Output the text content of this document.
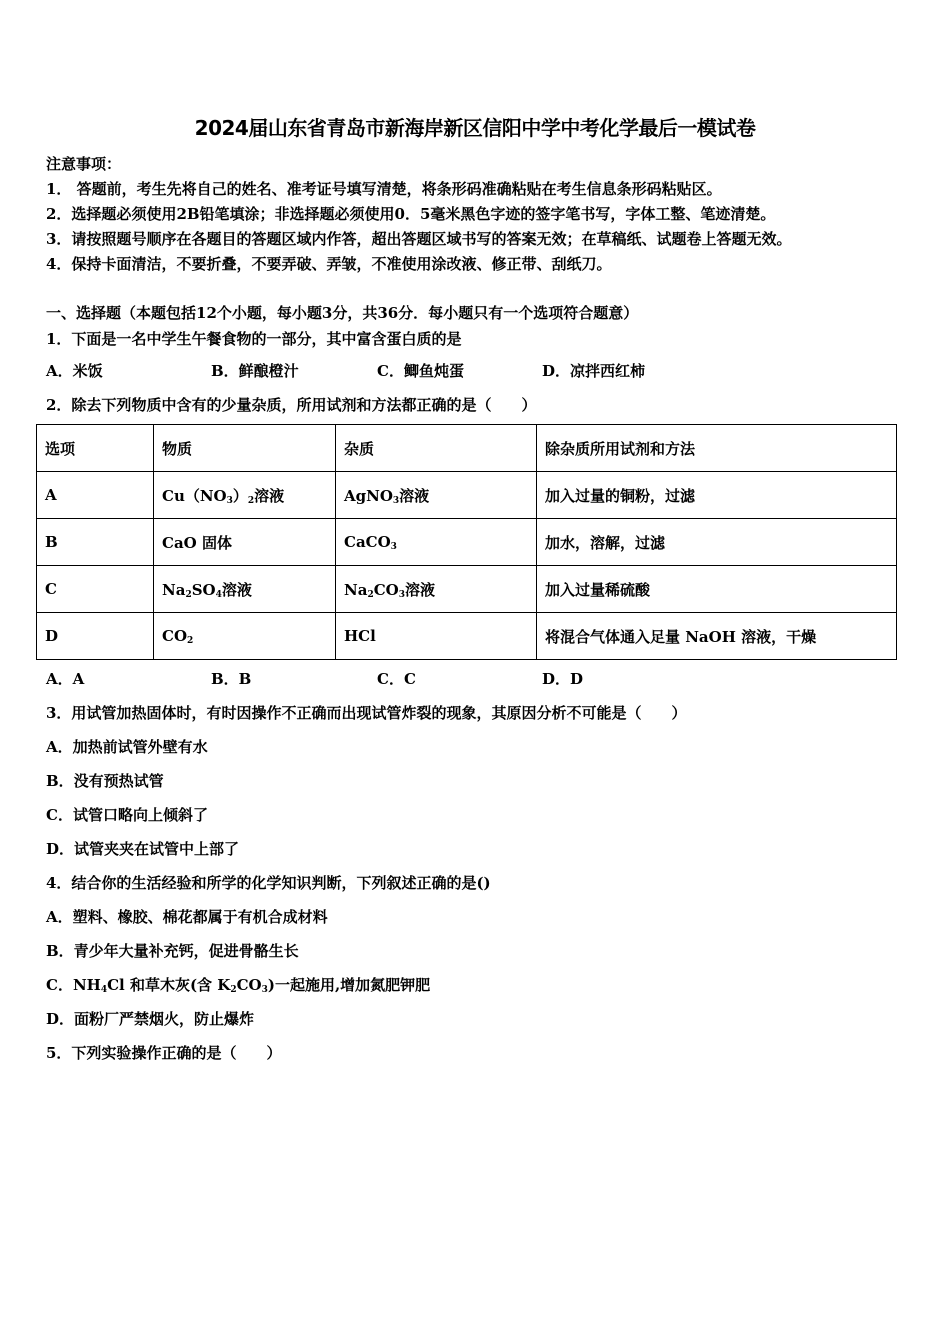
2024届山东省青岛市新海岸新区信阳中学中考化学最后一模试卷
注意事项：
1． 答题前，考生先将自己的姓名、准考证号填写清楚，将条形码准确粘贴在考生信息条形码粘贴区。
2．选择题必须使用2B铅笔填涂；非选择题必须使用0．5毫米黑色字迹的签字笔书写，字体工整、笔迹清楚。
3．请按照题号顺序在各题目的答题区域内作答，超出答题区域书写的答案无效；在草稿纸、试题卷上答题无效。
4．保持卡面清洁，不要折叠，不要弄破、弄皱，不准使用涂改液、修正带、刮纸刀。
一、选择题（本题包括12个小题，每小题3分，共36分．每小题只有一个选项符合题意）
1．下面是一名中学生午餐食物的一部分，其中富含蛋白质的是
A．米饭	B．鲜酿橙汁	C．鲫鱼炖蛋	D．凉拌西红柿
2．除去下列物质中含有的少量杂质，所用试剂和方法都正确的是（　　）
选项	物质	杂质	除杂质所用试剂和方法
A	$Cu(NO_3)_2$溶液	AgNO$_3$溶液	加入过量的铜粉，过滤
B	CaO 固体	CaCO$_3$	加水，溶解，过滤
C	$Na_2SO_4$溶液	$Na_2CO_3$溶液	加入过量稀硫酸
D	$CO_2$	HCl	将混合气体通入足量 NaOH 溶液，干燥
A．A	B．B	C．C	D．D
3．用试管加热固体时，有时因操作不正确而出现试管炸裂的现象，其原因分析不可能是（　　）
A．加热前试管外壁有水
B．没有预热试管
C．试管口略向上倾斜了
D．试管夹夹在试管中上部了
4．结合你的生活经验和所学的化学知识判断，下列叙述正确的是()
A．塑料、橡胶、棉花都属于有机合成材料
B．青少年大量补充钙，促进骨骼生长
C．$NH_4Cl$ 和草木灰(含 $K_2CO_3$)一起施用,增加氮肥钾肥
D．面粉厂严禁烟火，防止爆炸
5．下列实验操作正确的是（　　）
